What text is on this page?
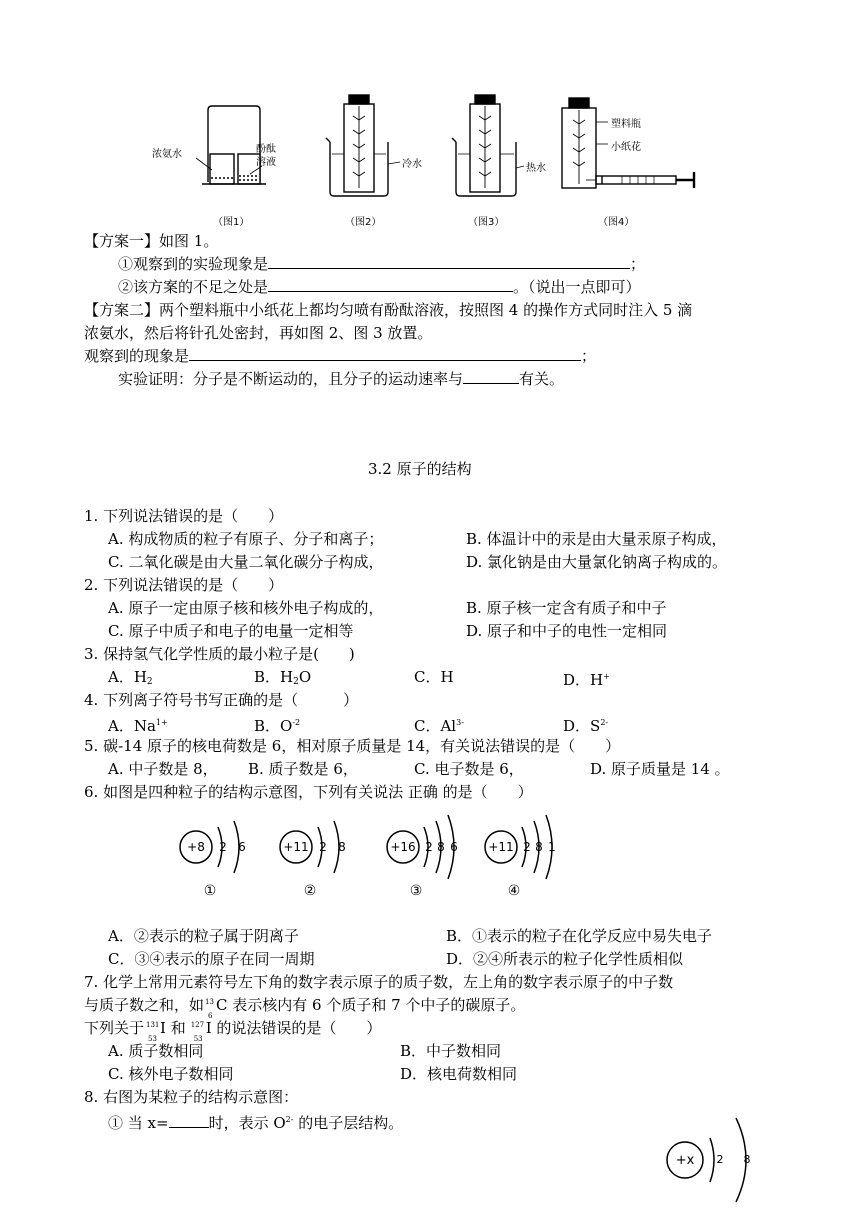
浓氨水	酚酞
溶液	冷水	热水
塑料瓶
小纸花
（图1）	（图2）	（图3）	（图4）
【方案一】如图 1。
①观察到的实验现象是	；
②该方案的不足之处是	。（说出一点即可）
【方案二】两个塑料瓶中小纸花上都均匀喷有酚酞溶液，按照图 4 的操作方式同时注入 5 滴
浓氨水，然后将针孔处密封，再如图 2、图 3 放置。
观察到的现象是	；
实验证明：分子是不断运动的，且分子的运动速率与	有关。
3.2 原子的结构
1. 下列说法错误的是（　　）
A. 构成物质的粒子有原子、分子和离子；	B. 体温计中的汞是由大量汞原子构成，
C. 二氧化碳是由大量二氧化碳分子构成，	D. 氯化钠是由大量氯化钠离子构成的。
2. 下列说法错误的是（　　）
A. 原子一定由原子核和核外电子构成的，	B. 原子核一定含有质子和中子
C. 原子中质子和电子的电量一定相等	D. 原子和中子的电性一定相同
3. 保持氢气化学性质的最小粒子是(　　)
A．$H_2$	B．$H_2O$	C．H	D．H+
4. 下列离子符号书写正确的是（　　　）
A．$Na^{1+}$	B．$O^{-2}$	C．$Al^{3-}$	D．$S^{2-}$
5. 碳-14 原子的核电荷数是 6，相对原子质量是 14，有关说法错误的是（　　）
A. 中子数是 8， B. 质子数是 6，	C. 电子数是 6，	D. 原子质量是 14 。
6. 如图是四种粒子的结构示意图，下列有关说法 正确 的是（　　）
+8 2 6
①
+11 2 8
②
+16 2 8 6
③
+11 2 8 1
④
A．②表示的粒子属于阴离子	B．①表示的粒子在化学反应中易失电子
C．③④表示的原子在同一周期	D．②④所表示的粒子化学性质相似
7. 化学上常用元素符号左下角的数字表示原子的质子数，左上角的数字表示原子的中子数
与质子数之和，如 13
6
C 表示核内有 6 个质子和 7 个中子的碳原子。
下列关于 131
53
I 和 127
53
I 的说法错误的是（　　）
A. 质子数相同	B．中子数相同
C. 核外电子数相同	D．核电荷数相同
8. 右图为某粒子的结构示意图：
① 当 x=	时，表示 $O^{2-}$ 的电子层结构。
+x 2 8
